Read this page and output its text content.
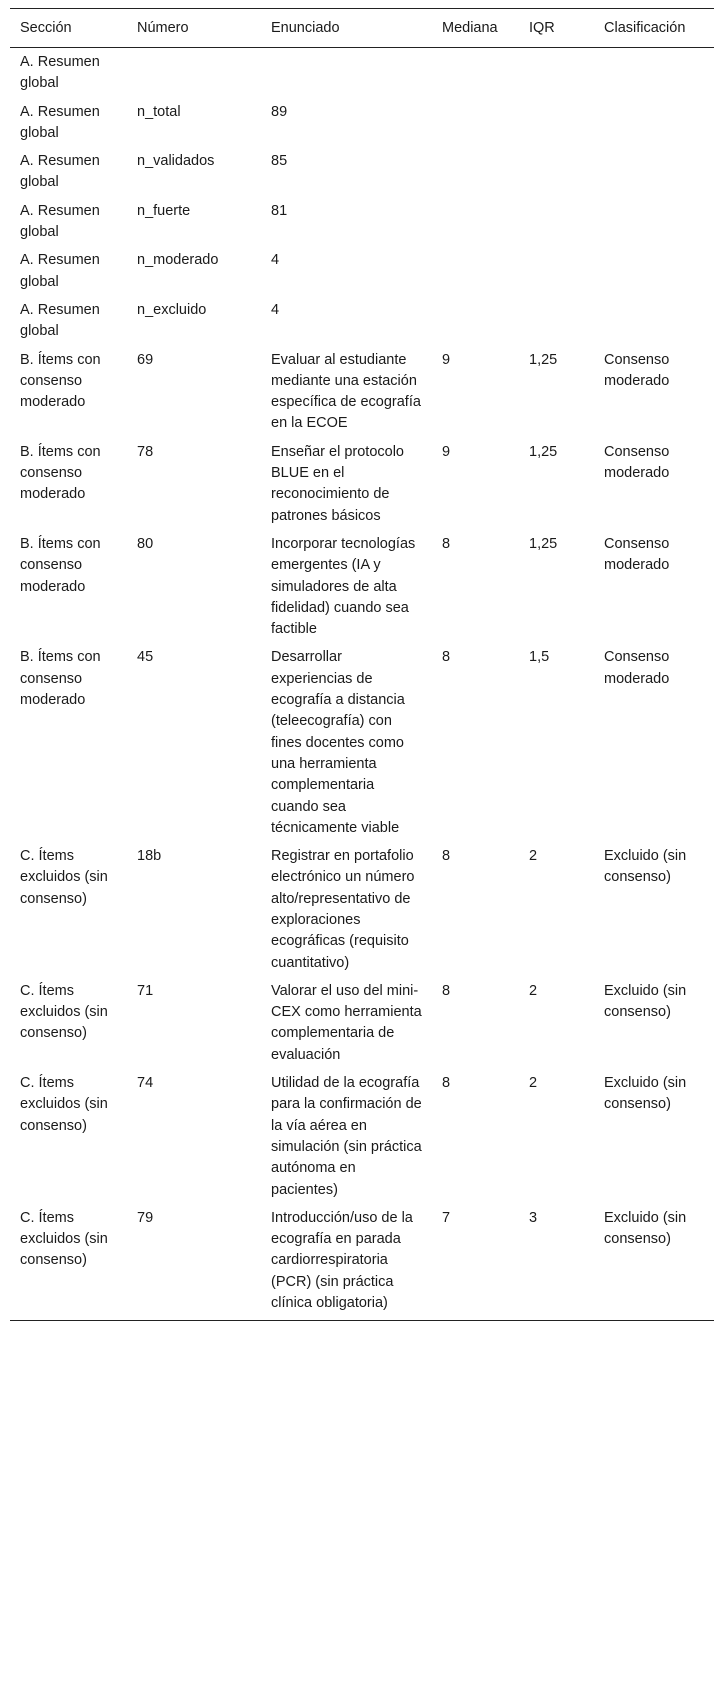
Sección	Número	Enunciado	Mediana	IQR	Clasificación
A. Resumen global					
A. Resumen global	n_total	89			
A. Resumen global	n_validados	85			
A. Resumen global	n_fuerte	81			
A. Resumen global	n_moderado	4			
A. Resumen global	n_excluido	4			
B. Ítems con consenso moderado	69	Evaluar al estudiante mediante una estación específica de ecografía en la ECOE	9	1,25	Consenso moderado
B. Ítems con consenso moderado	78	Enseñar el protocolo BLUE en el reconocimiento de patrones básicos	9	1,25	Consenso moderado
B. Ítems con consenso moderado	80	Incorporar tecnologías emergentes (IA y simuladores de alta fidelidad) cuando sea factible	8	1,25	Consenso moderado
B. Ítems con consenso moderado	45	Desarrollar experiencias de ecografía a distancia (teleecografía) con fines docentes como una herramienta complementaria cuando sea técnicamente viable	8	1,5	Consenso moderado
C. Ítems excluidos (sin consenso)	18b	Registrar en portafolio electrónico un número alto/representativo de exploraciones ecográficas (requisito cuantitativo)	8	2	Excluido (sin consenso)
C. Ítems excluidos (sin consenso)	71	Valorar el uso del mini-CEX como herramienta complementaria de evaluación	8	2	Excluido (sin consenso)
C. Ítems excluidos (sin consenso)	74	Utilidad de la ecografía para la confirmación de la vía aérea en simulación (sin práctica autónoma en pacientes)	8	2	Excluido (sin consenso)
C. Ítems excluidos (sin consenso)	79	Introducción/uso de la ecografía en parada cardiorrespiratoria (PCR) (sin práctica clínica obligatoria)	7	3	Excluido (sin consenso)
